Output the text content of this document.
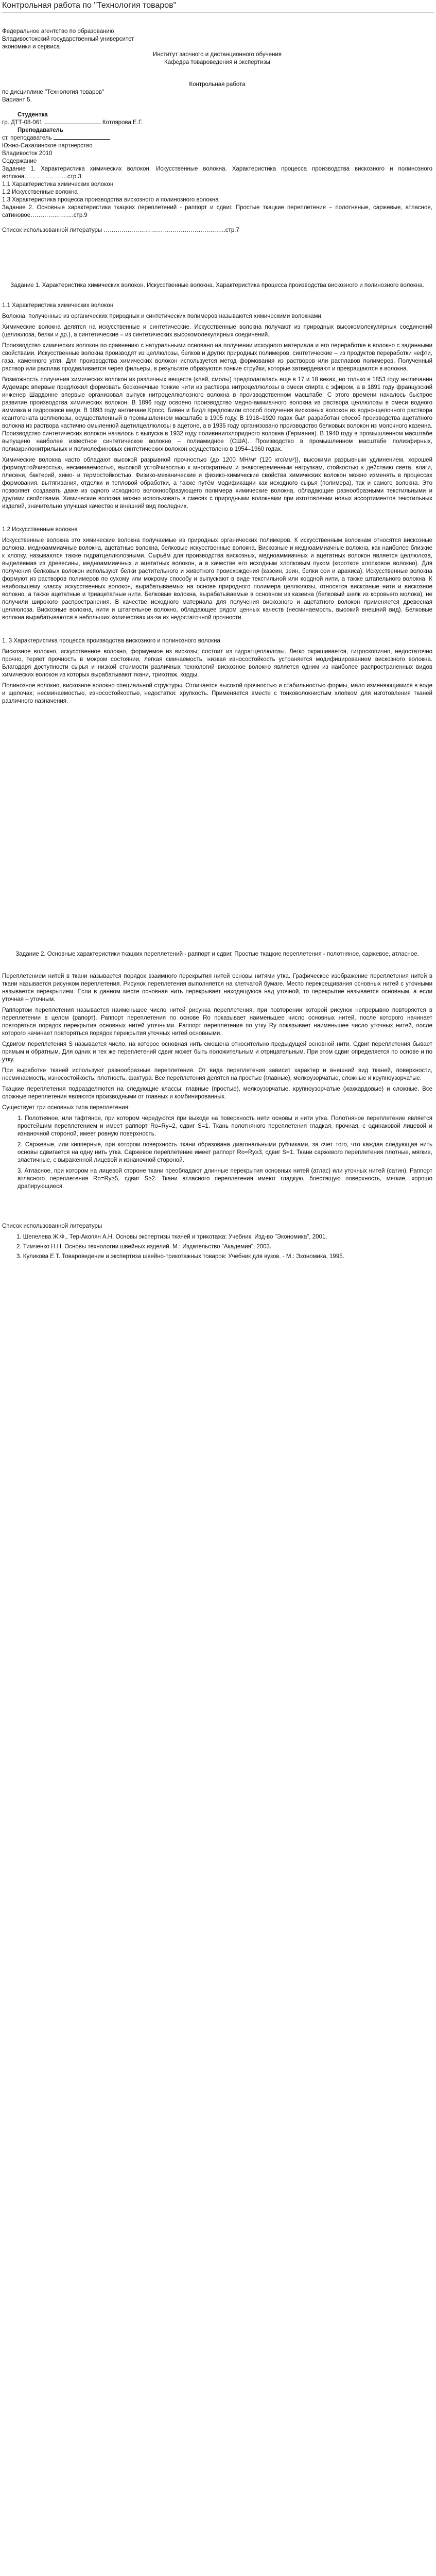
Контрольная работа по "Технология товаров"

Федеральное агентство по образованию

Владивостокский государственный университет

экономики и сервиса

Институт заочного и дистанционного обучения

Кафедра товароведения и экспертизы

Контрольная работа

по дисциплине "Технология товаров"

Вариант 5.

Студентка

гр. ДТТ-08-061	Котлярова Е.Г.

Преподаватель

ст. преподаватель

Южно-Сахалинское партнерство

Владивосток 2010

Содержание

Задание 1. Характеристика химических волокон. Искусственные волокна. Характеристика процесса производства вискозного и полинозного волокна………………….стр.3

1.1 Характеристика химических волокон

1.2 Искусственные волокна

1.3 Характеристика процесса производства вискозного и полинозного волокна

Задание 2. Основные характеристики ткацких переплетений - раппорт и сдвиг. Простые ткацкие переплетения – полотняные, саржевые, атласное, сатиновое………………….стр.9

Список использованной литературы ……………………………………………………..стр.7

Задание 1. Характеристика химических волокон. Искусственные волокна. Характеристика процесса производства вискозного и полинозного волокна.

1.1 Характеристика химических волокон

Волокна, полученные из органических природных и синтетических полимеров называются химическими волокнами.

Химические волокна делятся на искусственные и синтетические. Искусственные волокна получают из природных высокомолекулярных соединений (целлюлоза, белки и др.), а синтетические – из синтетических высокомолекулярных соединений.

Производство химических волокон по сравнению с натуральными основано на получении исходного материала и его переработке в волокно с заданными свойствами. Искусственные волокна производят из целлюлозы, белков и других природных полимеров, синтетические – из продуктов переработки нефти, газа, каменного угля. Для производства химических волокон используется метод формования из растворов или расплавов полимеров. Полученный раствор или расплав продавливается через фильеры, в результате образуются тонкие струйки, которые затвердевают и превращаются в волокна.

Возможность получения химических волокон из различных веществ (клей, смолы) предполагалась еще в 17 и 18 веках, но только в 1853 году англичанин Аудемарс впервые предложил формовать бесконечные тонкие нити из раствора нитроцеллюлозы в смеси спирта с эфиром, а в 1891 году французский инженер Шардонне впервые организовал выпуск нитроцеллюлозного волокна в производственном масштабе. С этого времени началось быстрое развитие производства химических волокон. В 1896 году освоено производство медно-аммиачного волокна из раствора целлюлозы в смеси водного аммиака и гидроокиси меди. В 1893 году англичане Кросс, Бивен и Бидл предложили способ получения вискозных волокон из водно-щелочного раствора ксантогената целлюлозы, осуществленный в промышленном масштабе в 1905 году. В 1918–1920 годах был разработан способ производства ацетатного волокна из раствора частично омыленной ацетилцеллюлозы в ацетоне, а в 1935 году организовано производство белковых волокон из молочного казеина. Производство синтетических волокон началось с выпуска в 1932 году поливинилхлоридного волокна (Германия). В 1940 году в промышленном масштабе выпущено наиболее известное синтетическое волокно – полиамидное (США). Производство в промышленном масштабе полиэфирных, полиакрилонитрильных и полиолефиновых синтетических волокон осуществлено в 1954–1960 годах.

Химические волокна часто обладают высокой разрывной прочностью (до 1200 МН/м² (120 кгс/мм²)), высокими разрывным удлинением, хорошей формоустойчивостью, несминаемостью, высокой устойчивостью к многократным и знакопеременным нагрузкам, стойкостью к действию света, влаги, плесени, бактерий, химо- и термостойкостью. Физико-механические и физико-химические свойства химических волокон можно изменять в процессах формования, вытягивания, отделки и тепловой обработки, а также путём модификации как исходного сырья (полимера), так и самого волокна. Это позволяет создавать даже из одного исходного волокнообразующего полимера химические волокна, обладающие разнообразными текстильными и другими свойствами. Химические волокна можно использовать в смесях с природными волокнами при изготовлении новых ассортиментов текстильных изделий, значительно улучшая качество и внешний вид последних.

1.2 Искусственные волокна

Искусственные волокна это химические волокна получаемые из природных органических полимеров. К искусственным волокнам относятся вискозные волокна, медноаммиачные волокна, ацетатные волокна, белковые искусственные волокна. Вискозные и медноаммиачные волокна, как наиболее близкие к хлопку, называются также гидратцеллюлозными. Сырьём для производства вискозных, медноаммиачных и ацетатных волокон является целлюлоза, выделяемая из древесины, медноаммиачных и ацетатных волокон, а в качестве его исходным хлопковым пухом (короткое хлопковое волокно). Для получения белковых волокон используют белки растительного и животного происхождения (казеин, зеин, белки сои и арахиса). Искусственные волокна формуют из растворов полимеров по сухому или мокрому способу и выпускают в виде текстильной или кордной нити, а также штапельного волокна. К наибольшему классу искусственных волокон, вырабатываемых на основе природного полимера целлюлозы, относятся вискозные нити и вискозное волокно, а также ацетатные и триацетатные нити. Белковые волокна, вырабатываемые в основном из казеина (белковый шелк из коровьего молока), не получили широкого распространения. В качестве исходного материала для получения вискозного и ацетатного волокон применяется древесная целлюлоза. Вискозные волокна, нити и штапельное волокно, обладающее рядом ценных качеств (несминаемость, высокий внешний вид). Белковые волокна вырабатываются в небольших количествах из-за их недостаточной прочности.

1. 3 Характеристика процесса производства вискозного и полинозного волокна

Вискозное волокно, искусственное волокно, формуемое из вискозы; состоит из гидратцеллюлозы. Легко окрашивается, гигроскопично, недостаточно прочно, теряет прочность в мокром состоянии, легкая сминаемость, низкая износостойкость устраняется модифицированием вискозного волокна. Благодаря доступности сырья и низкой стоимости различных технологий вискозное волокно является одним из наиболее распространенных видов химических волокон из которых вырабатывают ткани, трикотаж, корды.

Полинозное волокно, вискозное волокно специальной структуры. Отличается высокой прочностью и стабильностью формы, мало изменяющимися в воде и щелочах; несминаемостью, износостойкостью, недостатки: хрупкость. Применяется вместе с тонковолокнистым хлопком для изготовления тканей различного назначения.

Задание 2. Основные характеристики ткацких переплетений - раппорт и сдвиг. Простые ткацкие переплетения - полотняное, саржевое, атласное.

Переплетением нитей в ткани называется порядок взаимного перекрытия нитей основы нитями утка. Графическое изображение переплетения нитей в ткани называется рисунком переплетения. Рисунок переплетения выполняется на клетчатой бумаге. Место перекрещивания основных нитей с уточными называется перекрытием. Если в данном месте основная нить перекрывает находящуюся над уточной, то перекрытие называется основным, а если уточная – уточным.

Раппортом переплетения называется наименьшее число нитей рисунка переплетения, при повторении которой рисунок непрерывно повторяется в переплетении в целом (рапорт). Раппорт переплетения по основе Ro показывает наименьшее число основных нитей, после которого начинает повторяться порядок перекрытия основных нитей уточными. Раппорт переплетения по утку Ry показывает наименьшее число уточных нитей, после которого начинает повторяться порядок перекрытия уточных нитей основными.

Сдвигом переплетения S называется число, на которое основная нить смещена относительно предыдущей основной нити. Сдвиг переплетения бывает прямым и обратным. Для одних и тех же переплетений сдвиг может быть положительным и отрицательным. При этом сдвиг определяется по основе и по утку.

При выработке тканей используют разнообразные переплетения. От вида переплетения зависит характер и внешний вид тканей, поверхности, несминаемость, износостойкость, плотность, фактура. Все переплетения делятся на простые (главные), мелкоузорчатые, сложные и крупноузорчатые.

Ткацкие переплетения подразделяются на следующие классы: главные (простые), мелкоузорчатые, крупноузорчатые (жаккардовые) и сложные. Все сложные переплетения являются производными от главных и комбинированных.

Существует три основных типа переплетения:

1. Полотняное, или тафтяное, при котором чередуются при выходе на поверхность нити основы и нити утка. Полотняное переплетение является простейшим переплетением и имеет раппорт Ro=Ry=2, сдвиг S=1. Ткань полотняного переплетения гладкая, прочная, с одинаковой лицевой и изнаночной стороной, имеет ровную поверхность.

2. Саржевые, или кипперные, при котором поверхность ткани образована диагональными рубчиками, за счет того, что каждая следующая нить основы сдвигается на одну нить утка. Саржевое переплетение имеет раппорт Ro=Ry≥3, сдвиг S=1. Ткани саржевого переплетения плотные, мягкие, эластичные, с выраженной лицевой и изнаночной стороной.

3. Атласное, при котором на лицевой стороне ткани преобладают длинные перекрытия основных нитей (атлас) или уточных нитей (сатин). Раппорт атласного переплетения Ro=Ry≥5, сдвиг S≥2. Ткани атласного переплетения имеют гладкую, блестящую поверхность, мягкие, хорошо драпирующиеся.

Список использованной литературы

1. Шепелева Ж.Ф., Тер-Акопян А.Н. Основы экспертизы тканей и трикотажа: Учебник. Изд-во "Экономика", 2001.
2. Тимченко Н.Н. Основы технологии швейных изделий. М.: Издательство "Академия", 2003.
3. Куликова Е.Т. Товароведение и экспертиза швейно-трикотажных товаров: Учебник для вузов. - М.: Экономика, 1995.
